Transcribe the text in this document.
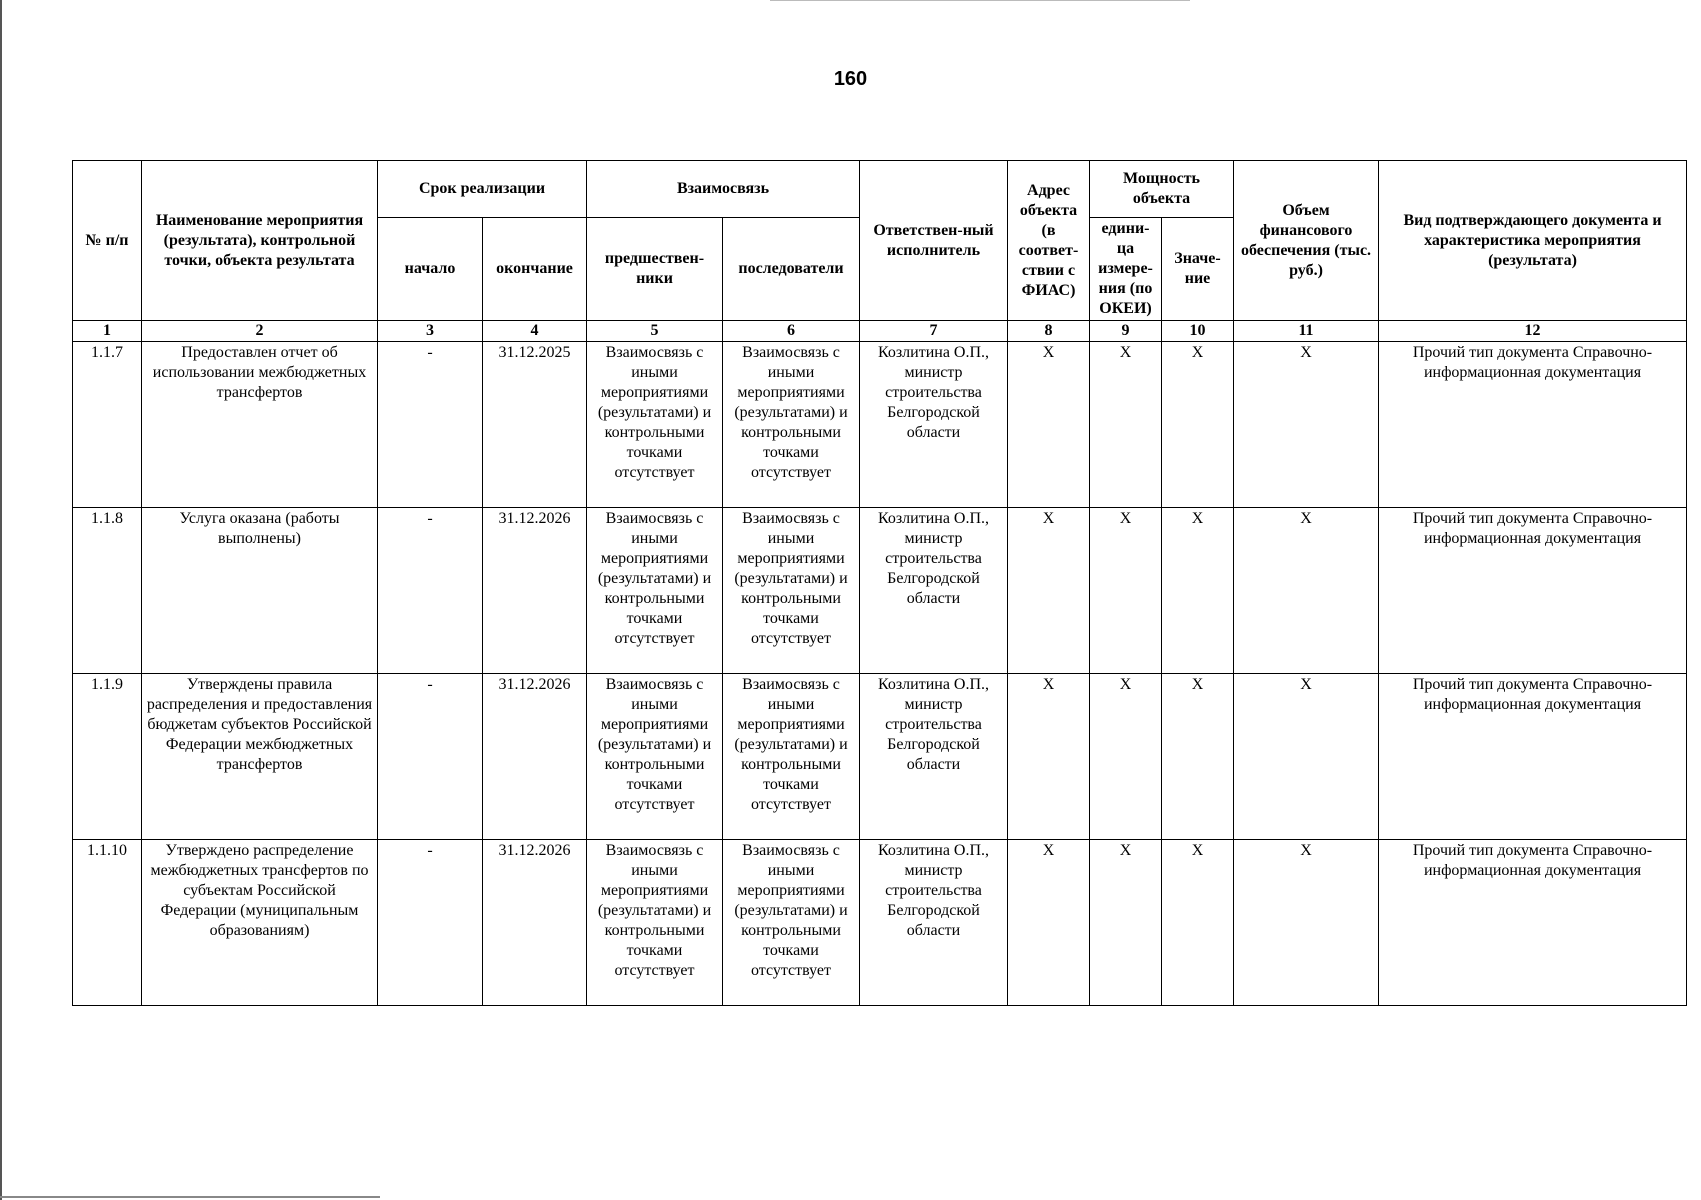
160
№ п/п	Наименование мероприятия (результата), контрольной точки, объекта результата	Срок реализации		Взаимосвязь		Ответствен-ный исполнитель	Адрес объекта (в соответ-ствии с ФИАС)	Мощность объекта		Объем финансового обеспечения (тыс. руб.)	Вид подтверждающего документа и характеристика мероприятия (результата)
		начало	окончание	предшествен-ники	последователи			едини-ца измере-ния (по ОКЕИ)	Значе-ние		
1	2	3	4	5	6	7	8	9	10	11	12
1.1.7	Предоставлен отчет об использовании межбюджетных трансфертов	-	31.12.2025	Взаимосвязь с иными мероприятиями (результатами) и контрольными точками отсутствует	Взаимосвязь с иными мероприятиями (результатами) и контрольными точками отсутствует	Козлитина О.П., министр строительства Белгородской области	X	X	X	X	Прочий тип документа Справочно-информационная документация
1.1.8	Услуга оказана (работы выполнены)	-	31.12.2026	Взаимосвязь с иными мероприятиями (результатами) и контрольными точками отсутствует	Взаимосвязь с иными мероприятиями (результатами) и контрольными точками отсутствует	Козлитина О.П., министр строительства Белгородской области	X	X	X	X	Прочий тип документа Справочно-информационная документация
1.1.9	Утверждены правила распределения и предоставления бюджетам субъектов Российской Федерации межбюджетных трансфертов	-	31.12.2026	Взаимосвязь с иными мероприятиями (результатами) и контрольными точками отсутствует	Взаимосвязь с иными мероприятиями (результатами) и контрольными точками отсутствует	Козлитина О.П., министр строительства Белгородской области	X	X	X	X	Прочий тип документа Справочно-информационная документация
1.1.10	Утверждено распределение межбюджетных трансфертов по субъектам Российской Федерации (муниципальным образованиям)	-	31.12.2026	Взаимосвязь с иными мероприятиями (результатами) и контрольными точками отсутствует	Взаимосвязь с иными мероприятиями (результатами) и контрольными точками отсутствует	Козлитина О.П., министр строительства Белгородской области	X	X	X	X	Прочий тип документа Справочно-информационная документация
